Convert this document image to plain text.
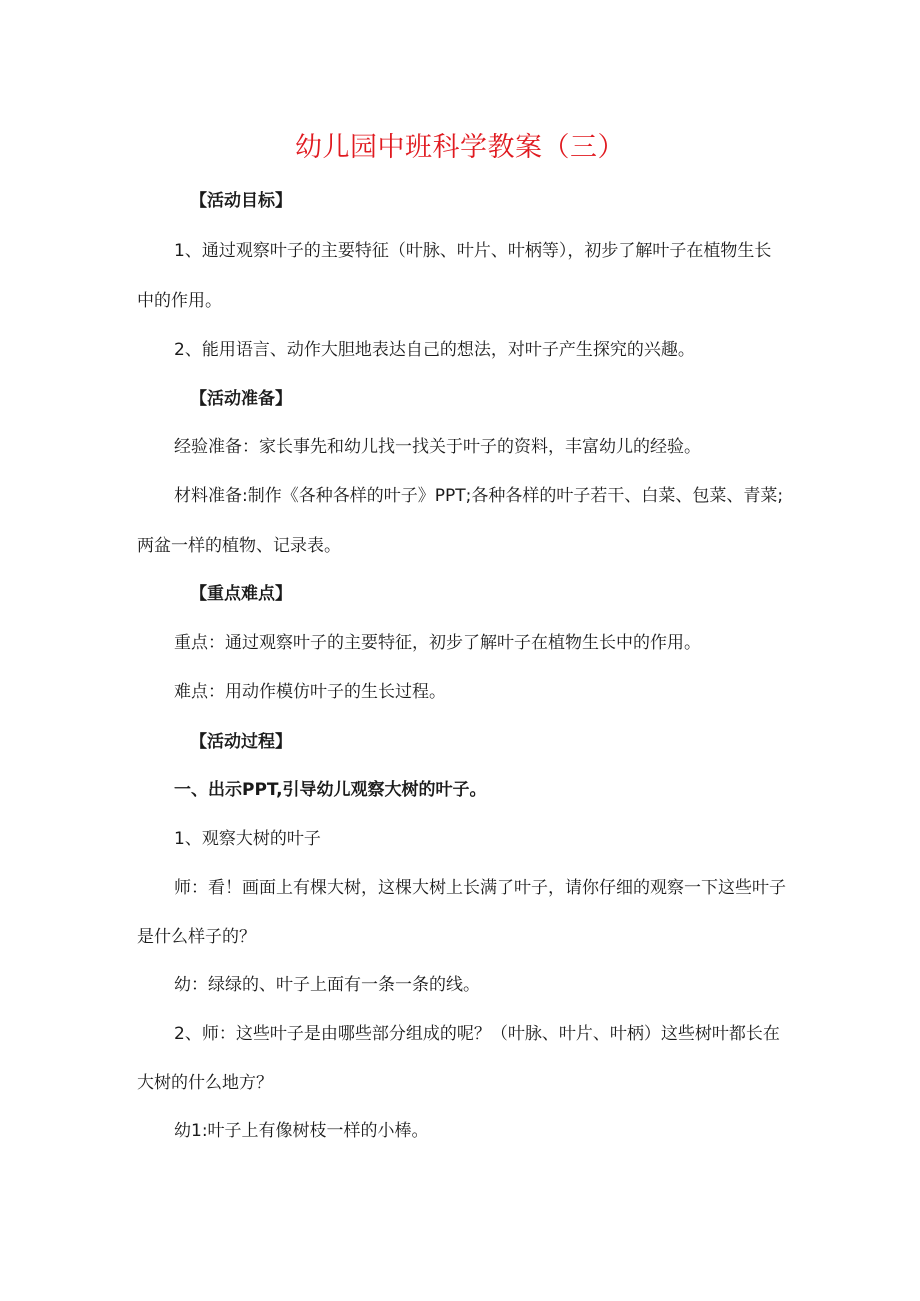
幼儿园中班科学教案（三）
【活动目标】
1、通过观察叶子的主要特征（叶脉、叶片、叶柄等），初步了解叶子在植物生长
中的作用。
2、能用语言、动作大胆地表达自己的想法，对叶子产生探究的兴趣。
【活动准备】
经验准备：家长事先和幼儿找一找关于叶子的资料，丰富幼儿的经验。
材料准备:制作《各种各样的叶子》PPT;各种各样的叶子若干、白菜、包菜、青菜;
两盆一样的植物、记录表。
【重点难点】
重点：通过观察叶子的主要特征，初步了解叶子在植物生长中的作用。
难点：用动作模仿叶子的生长过程。
【活动过程】
一、出示PPT,引导幼儿观察大树的叶子。
1、观察大树的叶子
师：看！画面上有棵大树，这棵大树上长满了叶子，请你仔细的观察一下这些叶子
是什么样子的？
幼：绿绿的、叶子上面有一条一条的线。
2、师：这些叶子是由哪些部分组成的呢？（叶脉、叶片、叶柄）这些树叶都长在
大树的什么地方？
幼1:叶子上有像树枝一样的小棒。
